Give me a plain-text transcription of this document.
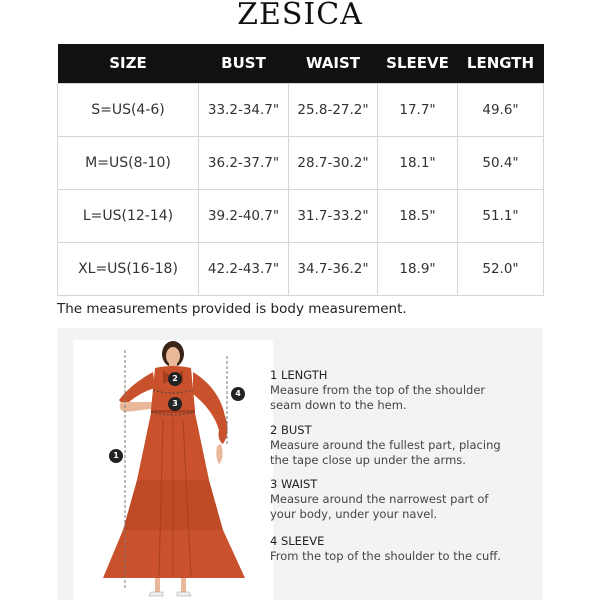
ZESICA
SIZE	BUST	WAIST	SLEEVE	LENGTH
S=US(4-6)	33.2-34.7"	25.8-27.2"	17.7"	49.6"
M=US(8-10)	36.2-37.7"	28.7-30.2"	18.1"	50.4"
L=US(12-14)	39.2-40.7"	31.7-33.2"	18.5"	51.1"
XL=US(16-18)	42.2-43.7"	34.7-36.2"	18.9"	52.0"
The measurements provided is body measurement.
1
2
3
4
1 LENGTH
Measure from the top of the shoulder
seam down to the hem.
2 BUST
Measure around the fullest part, placing
the tape close up under the arms.
3 WAIST
Measure around the narrowest part of
your body, under your navel.
4 SLEEVE
From the top of the shoulder to the cuff.
